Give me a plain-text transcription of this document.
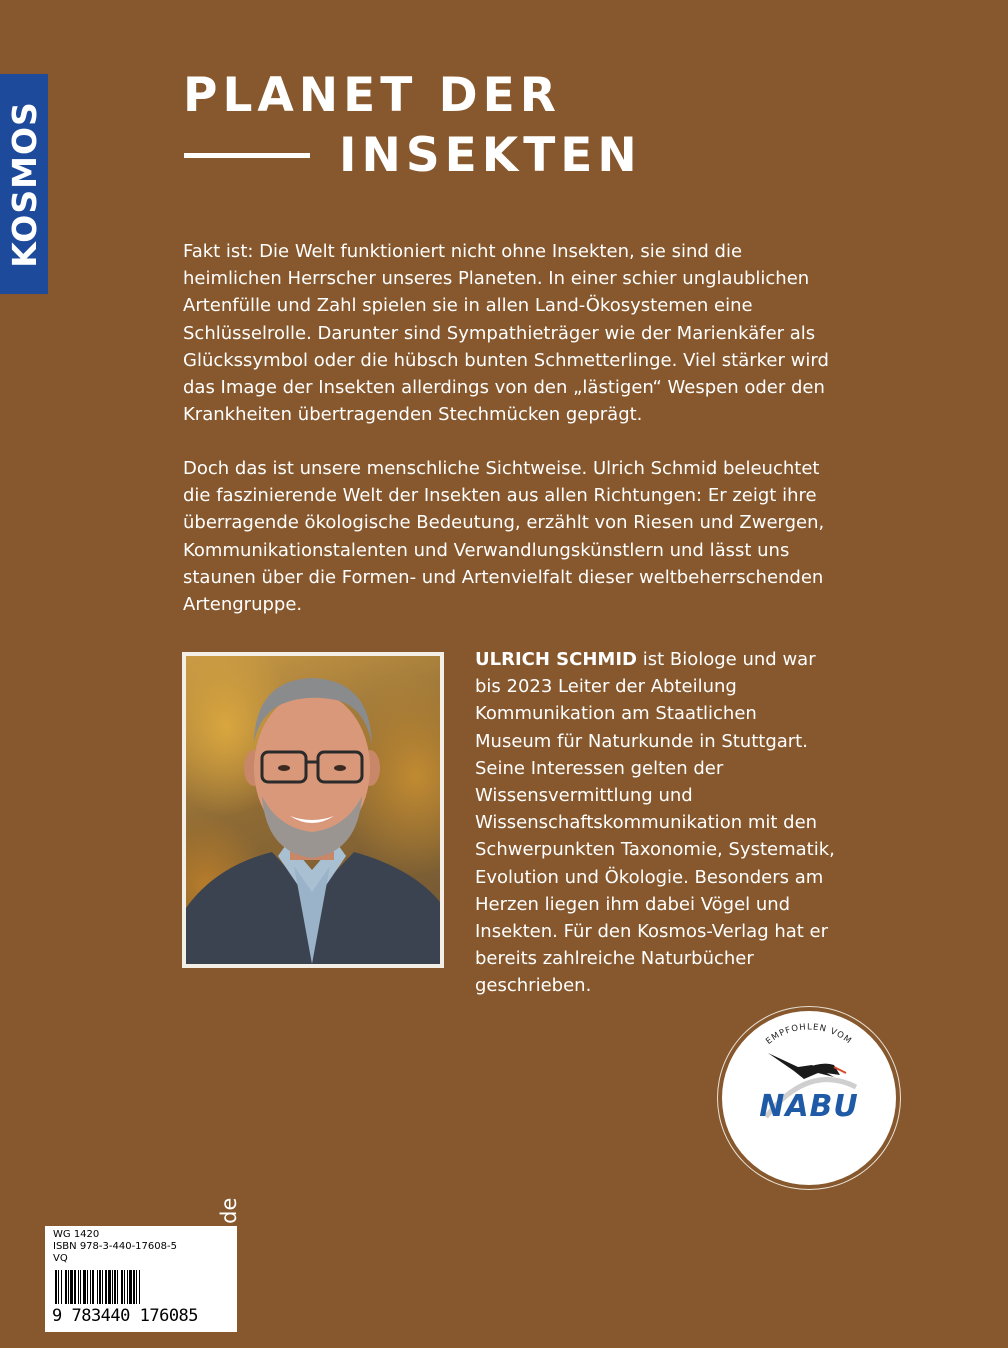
KOSMOS
PLANET DER
INSEKTEN

Fakt ist: Die Welt funktioniert nicht ohne Insekten, sie sind die heimlichen Herrscher unseres Planeten. In einer schier unglaublichen Artenfülle und Zahl spielen sie in allen Land-Ökosystemen eine Schlüsselrolle. Darunter sind Sympathieträger wie der Marienkäfer als Glückssymbol oder die hübsch bunten Schmetterlinge. Viel stärker wird das Image der Insekten allerdings von den „lästigen“ Wespen oder den Krankheiten übertragenden Stechmücken geprägt.

Doch das ist unsere menschliche Sichtweise. Ulrich Schmid beleuchtet die faszinierende Welt der Insekten aus allen Richtungen: Er zeigt ihre überragende ökologische Bedeutung, erzählt von Riesen und Zwergen, Kommunikationstalenten und Verwandlungskünstlern und lässt uns staunen über die Formen- und Artenvielfalt dieser weltbeherrschenden Artengruppe.

ULRICH SCHMID ist Biologe und war bis 2023 Leiter der Abteilung Kommunikation am Staatlichen Museum für Naturkunde in Stuttgart. Seine Interessen gelten der Wissensvermittlung und Wissenschaftskommunikation mit den Schwerpunkten Taxonomie, Systematik, Evolution und Ökologie. Besonders am Herzen liegen ihm dabei Vögel und Insekten. Für den Kosmos-Verlag hat er bereits zahlreiche Naturbücher geschrieben.

EMPFOHLEN VOM
NABU
WG 1420
ISBN 978-3-440-17608-5
VQ
9 783440 176085
kosmos.de
